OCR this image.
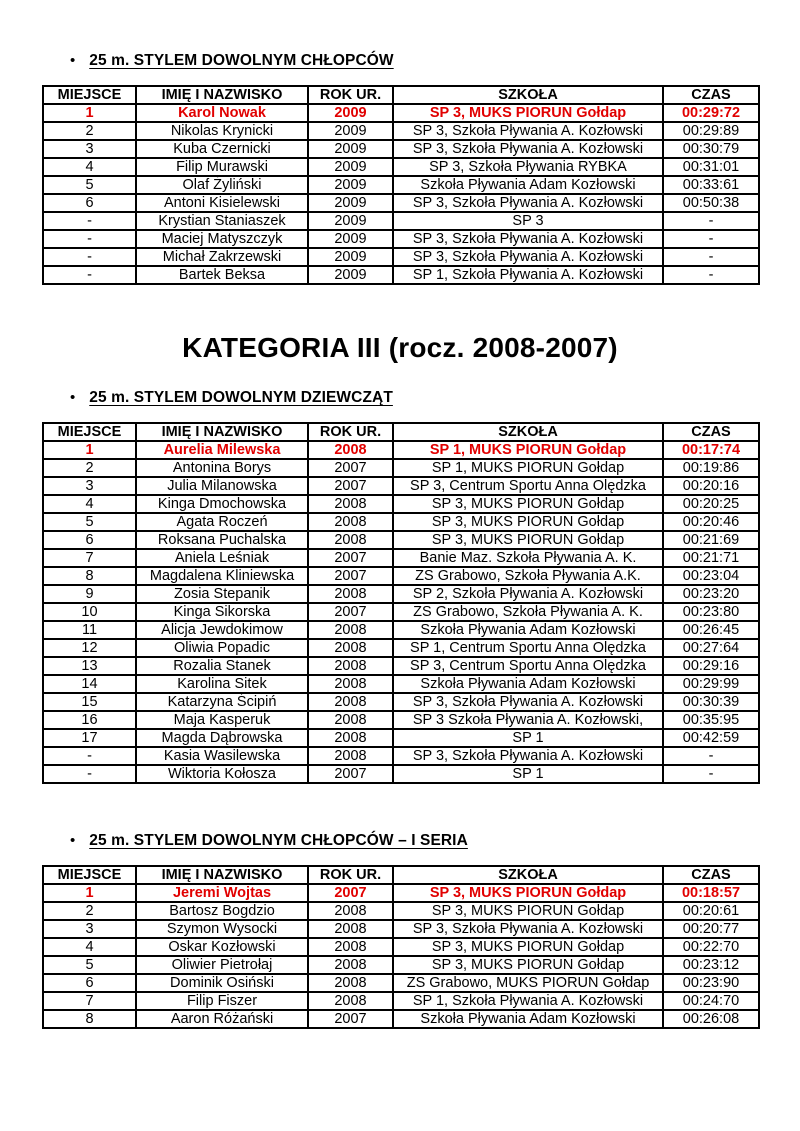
• 25 m. STYLEM DOWOLNYM CHŁOPCÓW
MIEJSCE	IMIĘ I NAZWISKO	ROK UR.	SZKOŁA	CZAS
1	Karol Nowak	2009	SP 3, MUKS PIORUN Gołdap	00:29:72
2	Nikolas Krynicki	2009	SP 3, Szkoła Pływania A. Kozłowski	00:29:89
3	Kuba Czernicki	2009	SP 3, Szkoła Pływania A. Kozłowski	00:30:79
4	Filip Murawski	2009	SP 3, Szkoła Pływania RYBKA	00:31:01
5	Olaf Żyliński	2009	Szkoła Pływania Adam Kozłowski	00:33:61
6	Antoni Kisielewski	2009	SP 3, Szkoła Pływania A. Kozłowski	00:50:38
-	Krystian Staniaszek	2009	SP 3	-
-	Maciej Matyszczyk	2009	SP 3, Szkoła Pływania A. Kozłowski	-
-	Michał Zakrzewski	2009	SP 3, Szkoła Pływania A. Kozłowski	-
-	Bartek Beksa	2009	SP 1, Szkoła Pływania A. Kozłowski	-
KATEGORIA III (rocz. 2008-2007)
• 25 m. STYLEM DOWOLNYM DZIEWCZĄT
MIEJSCE	IMIĘ I NAZWISKO	ROK UR.	SZKOŁA	CZAS
1	Aurelia Milewska	2008	SP 1, MUKS PIORUN Gołdap	00:17:74
2	Antonina Borys	2007	SP 1, MUKS PIORUN Gołdap	00:19:86
3	Julia Milanowska	2007	SP 3, Centrum Sportu Anna Olędzka	00:20:16
4	Kinga Dmochowska	2008	SP 3, MUKS PIORUN Gołdap	00:20:25
5	Agata Roczeń	2008	SP 3, MUKS PIORUN Gołdap	00:20:46
6	Roksana Puchalska	2008	SP 3, MUKS PIORUN Gołdap	00:21:69
7	Aniela Leśniak	2007	Banie Maz. Szkoła Pływania A. K.	00:21:71
8	Magdalena Kliniewska	2007	ZS Grabowo, Szkoła Pływania A.K.	00:23:04
9	Zosia Stepanik	2008	SP 2, Szkoła Pływania A. Kozłowski	00:23:20
10	Kinga Sikorska	2007	ZS Grabowo, Szkoła Pływania A. K.	00:23:80
11	Alicja Jewdokimow	2008	Szkoła Pływania Adam Kozłowski	00:26:45
12	Oliwia Popadic	2008	SP 1, Centrum Sportu Anna Olędzka	00:27:64
13	Rozalia Stanek	2008	SP 3, Centrum Sportu Anna Olędzka	00:29:16
14	Karolina Sitek	2008	Szkoła Pływania Adam Kozłowski	00:29:99
15	Katarzyna Ścipiń	2008	SP 3, Szkoła Pływania A. Kozłowski	00:30:39
16	Maja Kasperuk	2008	SP 3 Szkoła Pływania A. Kozłowski,	00:35:95
17	Magda Dąbrowska	2008	SP 1	00:42:59
-	Kasia Wasilewska	2008	SP 3, Szkoła Pływania A. Kozłowski	-
-	Wiktoria Kołosza	2007	SP 1	-
• 25 m. STYLEM DOWOLNYM CHŁOPCÓW – I SERIA
MIEJSCE	IMIĘ I NAZWISKO	ROK UR.	SZKOŁA	CZAS
1	Jeremi Wojtas	2007	SP 3, MUKS PIORUN Gołdap	00:18:57
2	Bartosz Bogdzio	2008	SP 3, MUKS PIORUN Gołdap	00:20:61
3	Szymon Wysocki	2008	SP 3, Szkoła Pływania A. Kozłowski	00:20:77
4	Oskar Kozłowski	2008	SP 3, MUKS PIORUN Gołdap	00:22:70
5	Oliwier Pietrołaj	2008	SP 3, MUKS PIORUN Gołdap	00:23:12
6	Dominik Osiński	2008	ZS Grabowo, MUKS PIORUN Gołdap	00:23:90
7	Filip Fiszer	2008	SP 1, Szkoła Pływania A. Kozłowski	00:24:70
8	Aaron Różański	2007	Szkoła Pływania Adam Kozłowski	00:26:08
